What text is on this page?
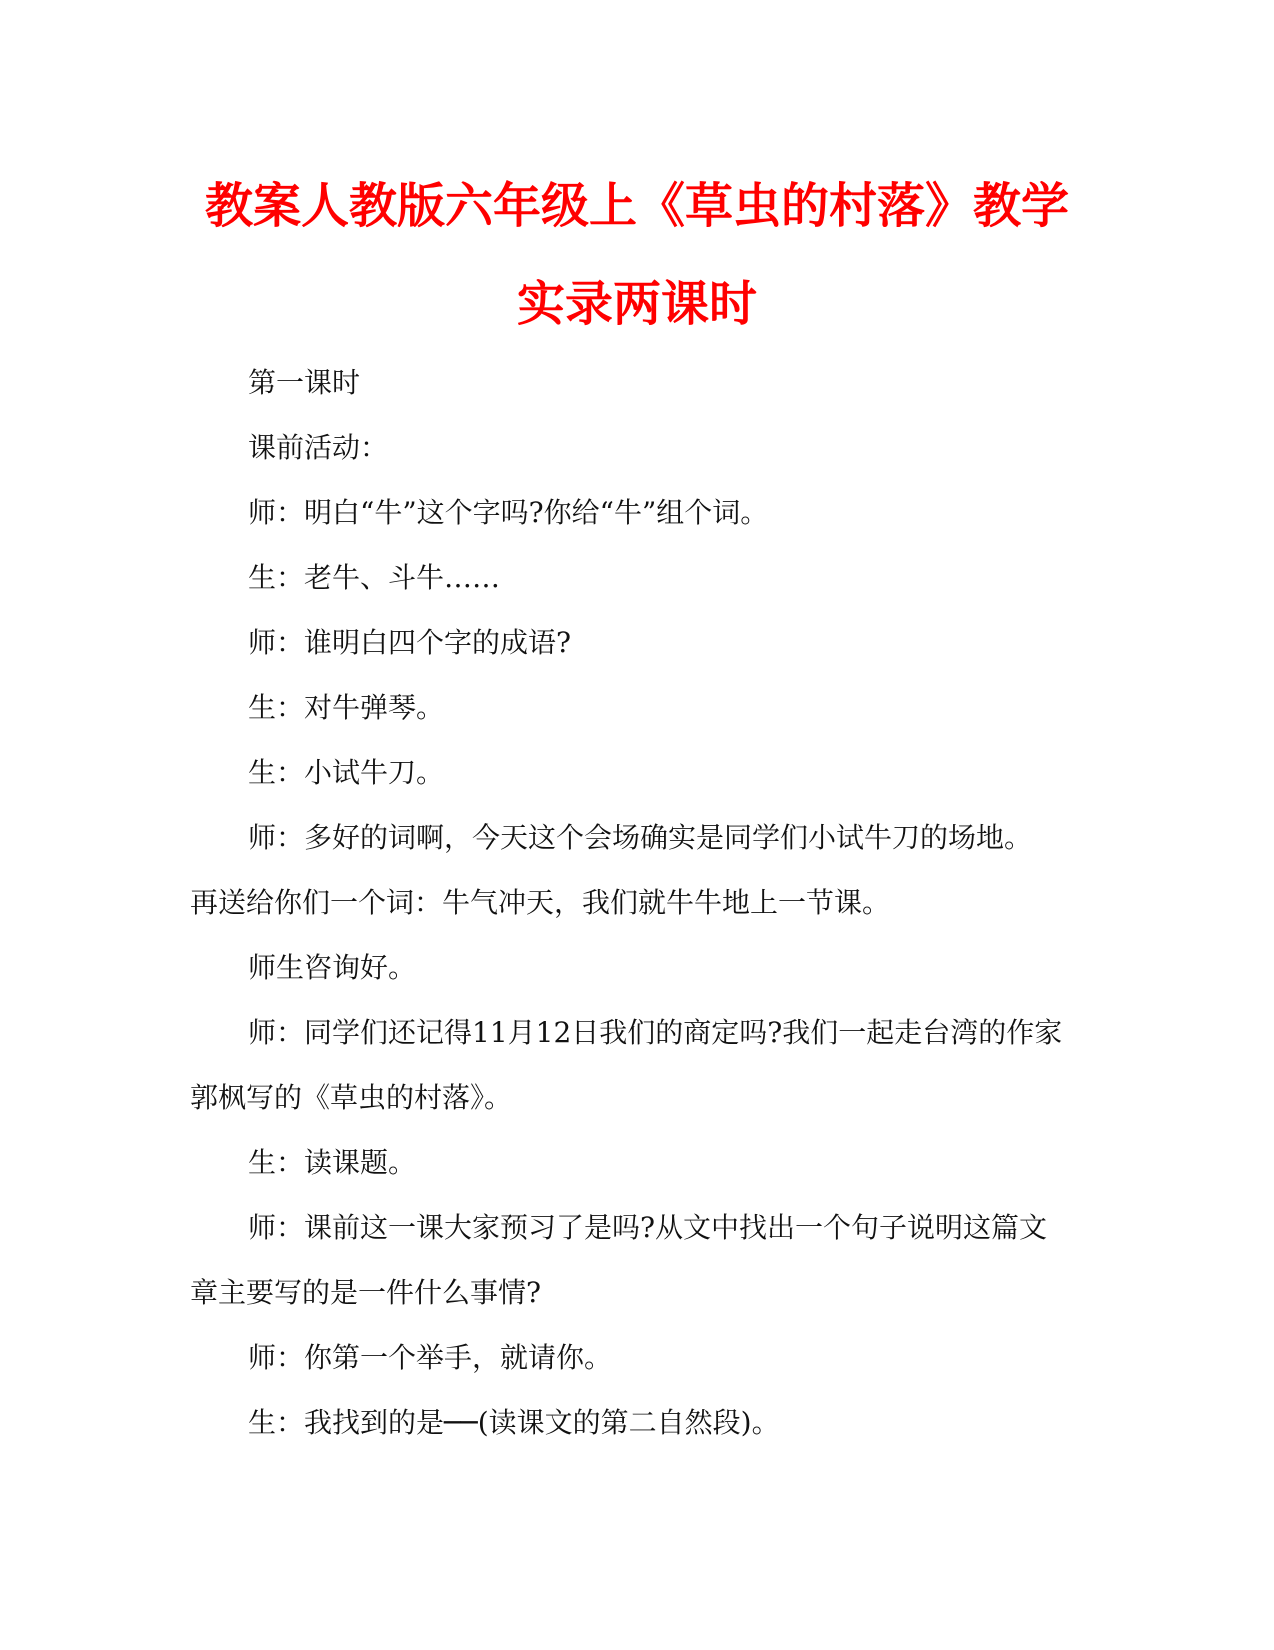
教案人教版六年级上《草虫的村落》教学
实录两课时

第一课时

课前活动：

师：明白“牛”这个字吗?你给“牛”组个词。

生：老牛、斗牛……

师：谁明白四个字的成语?

生：对牛弹琴。

生：小试牛刀。

师：多好的词啊，今天这个会场确实是同学们小试牛刀的场地。

再送给你们一个词：牛气冲天，我们就牛牛地上一节课。

师生咨询好。

师：同学们还记得11月12日我们的商定吗?我们一起走台湾的作家

郭枫写的《草虫的村落》。

生：读课题。

师：课前这一课大家预习了是吗?从文中找出一个句子说明这篇文

章主要写的是一件什么事情?

师：你第一个举手，就请你。

生：我找到的是──(读课文的第二自然段)。
